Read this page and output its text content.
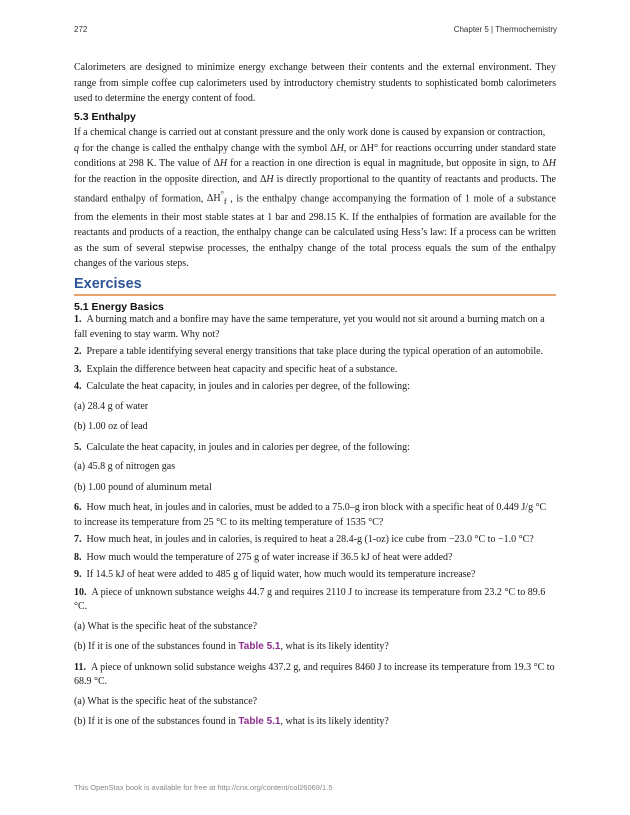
272	Chapter 5 | Thermochemistry

Calorimeters are designed to minimize energy exchange between their contents and the external environment. They range from simple coffee cup calorimeters used by introductory chemistry students to sophisticated bomb calorimeters used to determine the energy content of food.

5.3 Enthalpy

If a chemical change is carried out at constant pressure and the only work done is caused by expansion or contraction,
q for the change is called the enthalpy change with the symbol ΔH, or ΔH° for reactions occurring under standard state conditions at 298 K. The value of ΔH for a reaction in one direction is equal in magnitude, but opposite in sign, to ΔH for the reaction in the opposite direction, and ΔH is directly proportional to the quantity of reactants and products. The standard enthalpy of formation, $\Delta H^\circ_f$ , is the enthalpy change accompanying the formation of 1 mole of a substance from the elements in their most stable states at 1 bar and 298.15 K. If the enthalpies of formation are available for the reactants and products of a reaction, the enthalpy change can be calculated using Hess’s law: If a process can be written as the sum of several stepwise processes, the enthalpy change of the total process equals the sum of the enthalpy changes of the various steps.

Exercises
5.1 Energy Basics
1. A burning match and a bonfire may have the same temperature, yet you would not sit around a burning match on a fall evening to stay warm. Why not?
2. Prepare a table identifying several energy transitions that take place during the typical operation of an automobile.
3. Explain the difference between heat capacity and specific heat of a substance.
4. Calculate the heat capacity, in joules and in calories per degree, of the following:
(a) 28.4 g of water
(b) 1.00 oz of lead
5. Calculate the heat capacity, in joules and in calories per degree, of the following:
(a) 45.8 g of nitrogen gas
(b) 1.00 pound of aluminum metal
6. How much heat, in joules and in calories, must be added to a 75.0–g iron block with a specific heat of 0.449 J/g °C to increase its temperature from 25 °C to its melting temperature of 1535 °C?
7. How much heat, in joules and in calories, is required to heat a 28.4-g (1-oz) ice cube from −23.0 °C to −1.0 °C?
8. How much would the temperature of 275 g of water increase if 36.5 kJ of heat were added?
9. If 14.5 kJ of heat were added to 485 g of liquid water, how much would its temperature increase?
10. A piece of unknown substance weighs 44.7 g and requires 2110 J to increase its temperature from 23.2 °C to 89.6 °C.
(a) What is the specific heat of the substance?
(b) If it is one of the substances found in Table 5.1, what is its likely identity?
11. A piece of unknown solid substance weighs 437.2 g, and requires 8460 J to increase its temperature from 19.3 °C to 68.9 °C.
(a) What is the specific heat of the substance?
(b) If it is one of the substances found in Table 5.1, what is its likely identity?
This OpenStax book is available for free at http://cnx.org/content/col26069/1.5
